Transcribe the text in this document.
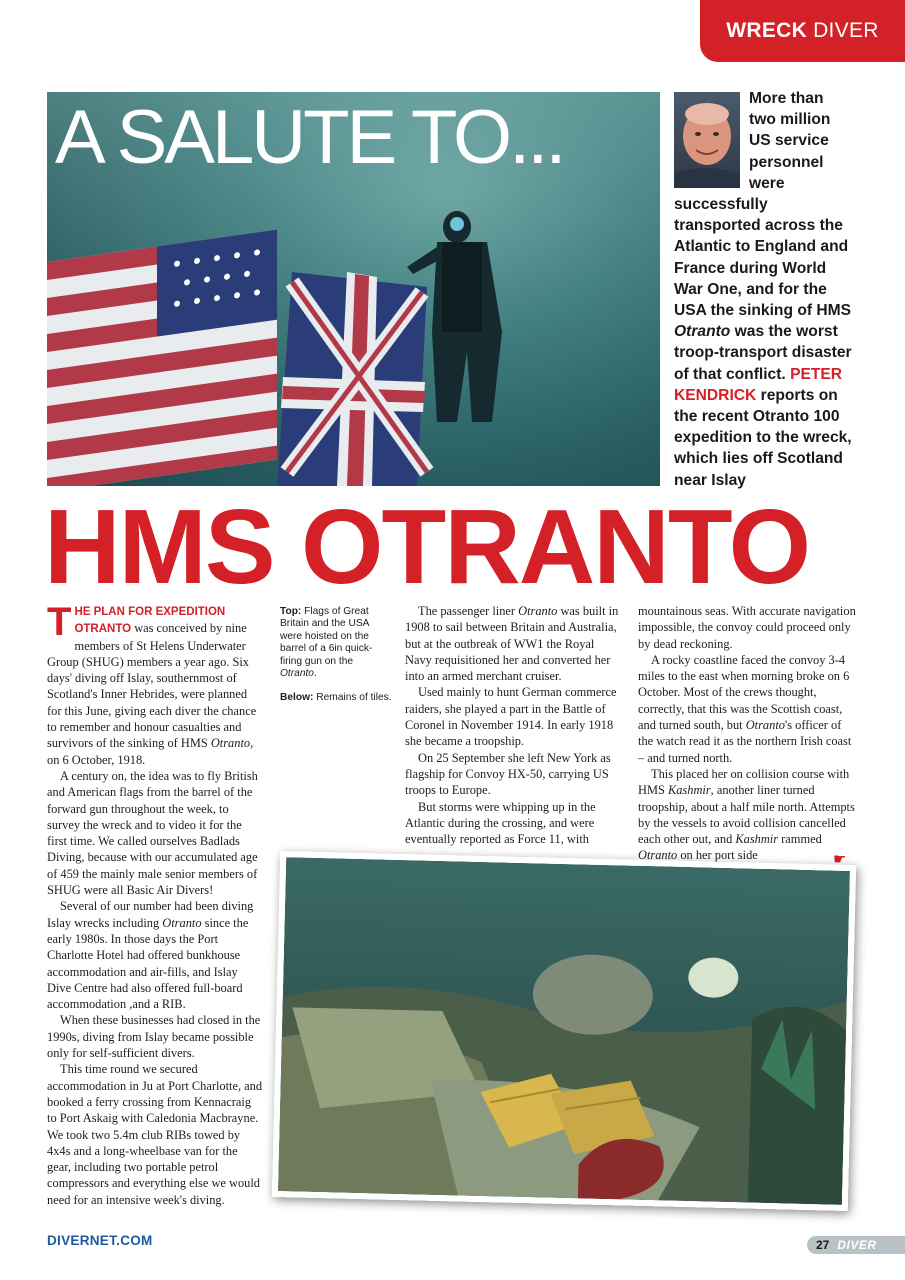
WRECK DIVER
A SALUTE TO...	More than two million US service personnel were successfully transported across the Atlantic to England and France during World War One, and for the USA the sinking of HMS Otranto was the worst troop-transport disaster of that conflict. PETER KENDRICK reports on the recent Otranto 100 expedition to the wreck, which lies off Scotland near Islay
HMS OTRANTO

THE PLAN FOR EXPEDITION OTRANTO was conceived by nine members of St Helens Underwater Group (SHUG) members a year ago. Six days' diving off Islay, southernmost of Scotland's Inner Hebrides, were planned for this June, giving each diver the chance to remember and honour casualties and survivors of the sinking of HMS Otranto, on 6 October, 1918.

A century on, the idea was to fly British and American flags from the barrel of the forward gun throughout the week, to survey the wreck and to video it for the first time. We called ourselves Badlads Diving, because with our accumulated age of 459 the mainly male senior members of SHUG were all Basic Air Divers!

Several of our number had been diving Islay wrecks including Otranto since the early 1980s. In those days the Port Charlotte Hotel had offered bunkhouse accommodation and air-fills, and Islay Dive Centre had also offered full-board accommodation ,and a RIB.

When these businesses had closed in the 1990s, diving from Islay became possible only for self-sufficient divers.

This time round we secured accommodation in Ju at Port Charlotte, and booked a ferry crossing from Kennacraig to Port Askaig with Caledonia Macbrayne. We took two 5.4m club RIBs towed by 4x4s and a long-wheelbase van for the gear, including two portable petrol compressors and everything else we would need for an intensive week's diving.

Top: Flags of Great Britain and the USA were hoisted on the barrel of a 6in quick-firing gun on the Otranto.

Below: Remains of tiles.

The passenger liner Otranto was built in 1908 to sail between Britain and Australia, but at the outbreak of WW1 the Royal Navy requisitioned her and converted her into an armed merchant cruiser.

Used mainly to hunt German commerce raiders, she played a part in the Battle of Coronel in November 1914. In early 1918 she became a troopship.

On 25 September she left New York as flagship for Convoy HX-50, carrying US troops to Europe.

But storms were whipping up in the Atlantic during the crossing, and were eventually reported as Force 11, with

mountainous seas. With accurate navigation impossible, the convoy could proceed only by dead reckoning.

A rocky coastline faced the convoy 3-4 miles to the east when morning broke on 6 October. Most of the crews thought, correctly, that this was the Scottish coast, and turned south, but Otranto's officer of the watch read it as the northern Irish coast – and turned north.

This placed her on collision course with HMS Kashmir, another liner turned troopship, about a half mile north. Attempts by the vessels to avoid collision cancelled each other out, and Kashmir rammed Otranto on her port side	☛
DIVERNET.COM	27 DIVER
